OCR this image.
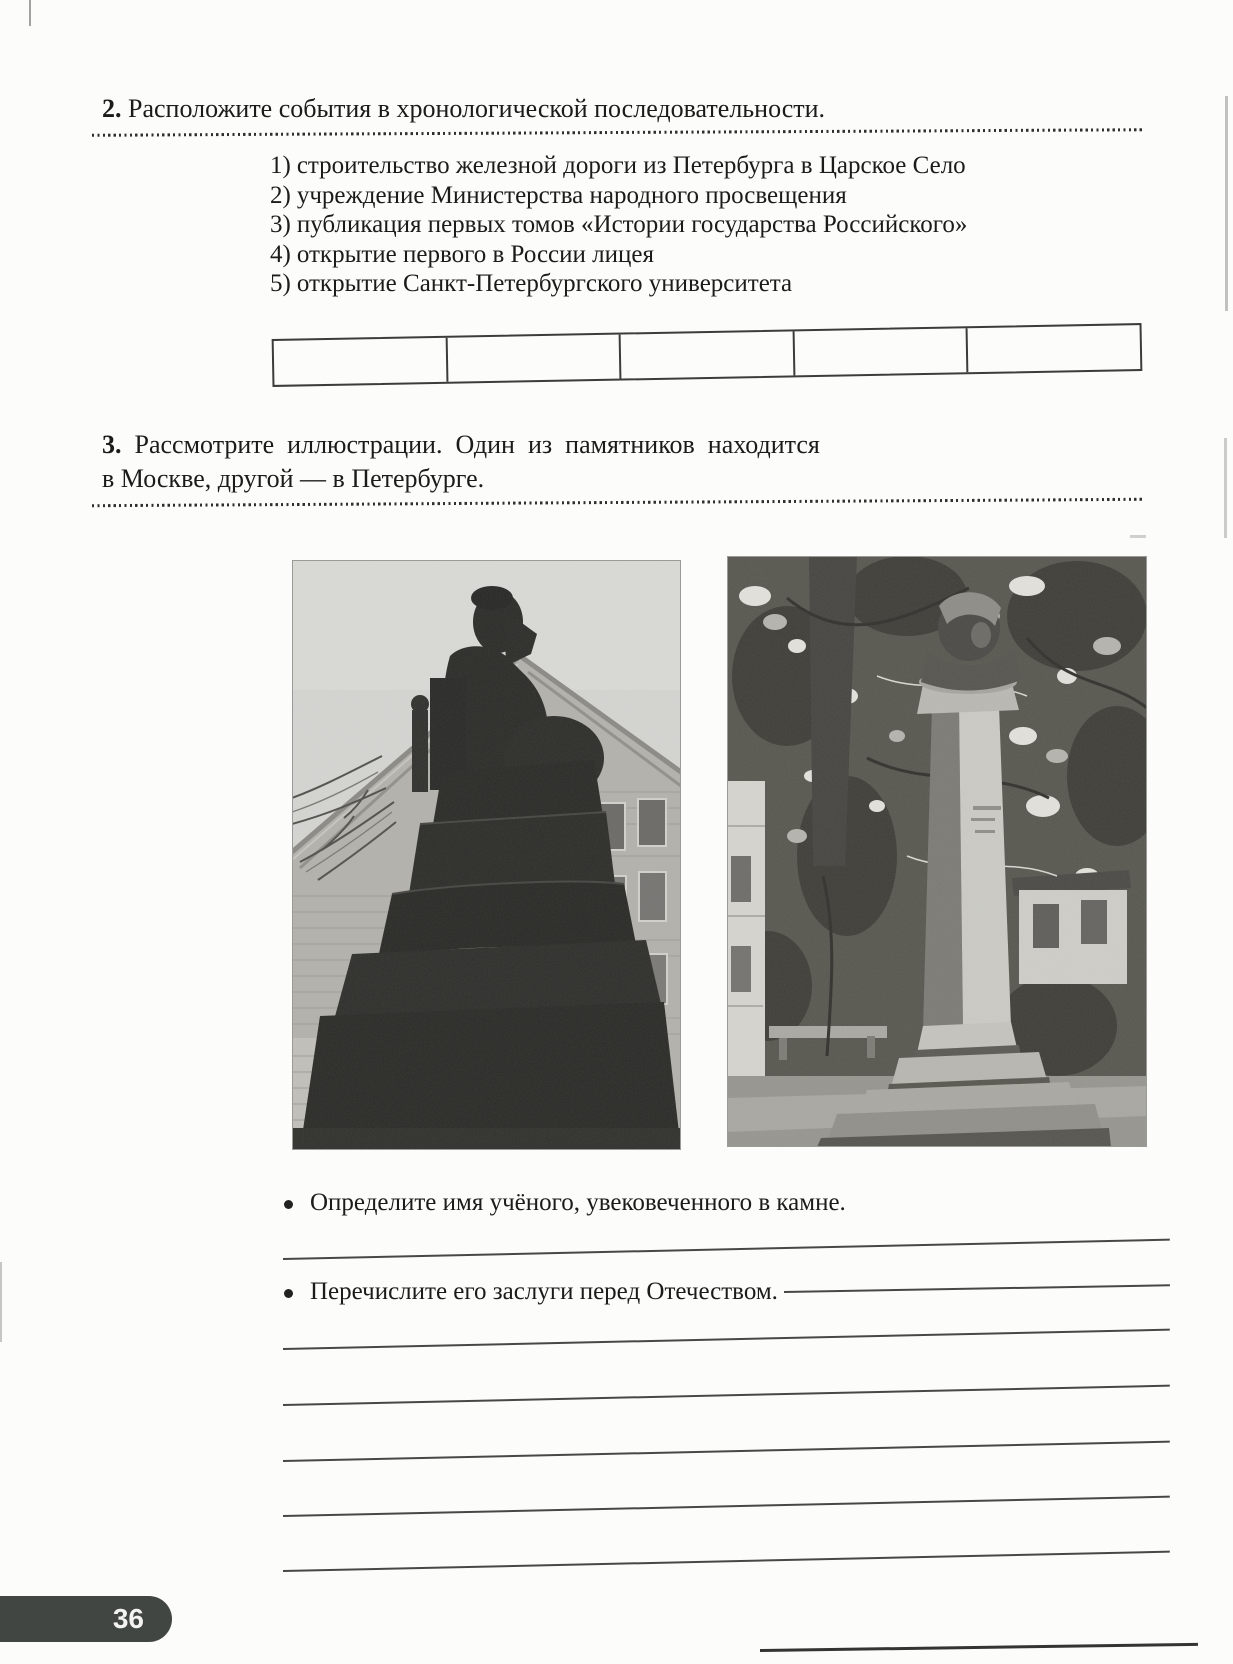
2. Расположите события в хронологической последовательности.
1) строительство железной дороги из Петербурга в Царское Село
2) учреждение Министерства народного просвещения
3) публикация первых томов «Истории государства Российского»
4) открытие первого в России лицея
5) открытие Санкт-Петербургского университета
3. Рассмотрите иллюстрации. Один из памятников находится
в Москве, другой — в Петербурге.
Определите имя учёного, увековеченного в камне.
Перечислите его заслуги перед Отечеством.
36
